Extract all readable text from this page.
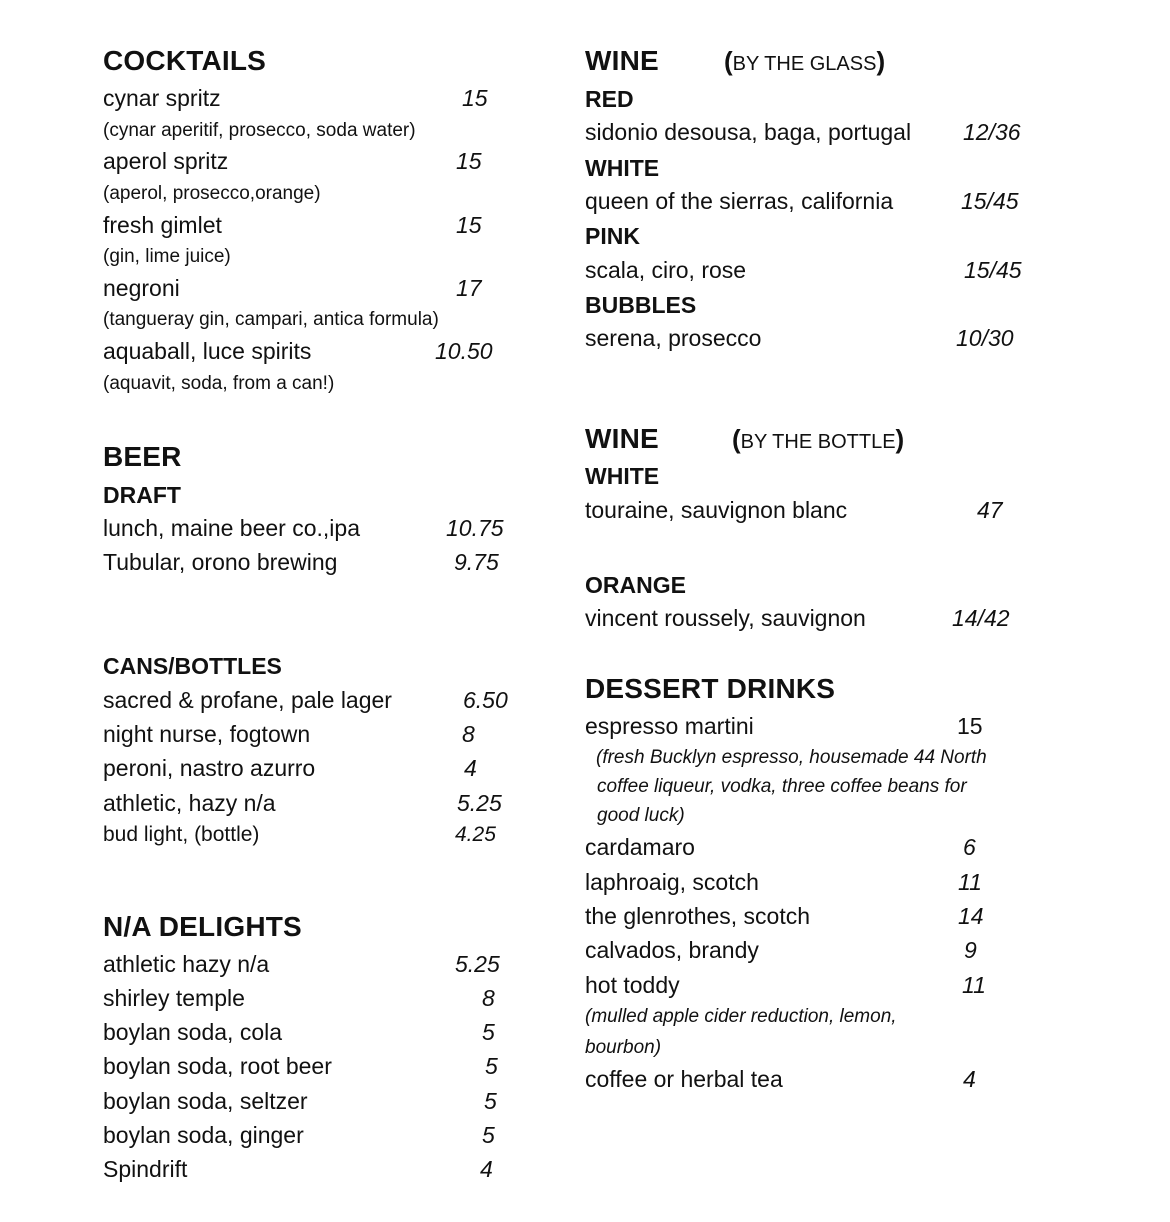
COCKTAILS
cynar spritz	15
(cynar aperitif, prosecco, soda water)
aperol spritz	15
(aperol, prosecco,orange)
fresh gimlet	15
(gin, lime juice)
negroni	17
(tangueray gin, campari, antica formula)
aquaball, luce spirits	10.50
(aquavit, soda, from a can!)
BEER
DRAFT
lunch, maine beer co.,ipa	10.75
Tubular, orono brewing	9.75
CANS/BOTTLES
sacred & profane, pale lager	6.50
night nurse, fogtown	8
peroni, nastro azurro	4
athletic, hazy n/a	5.25
bud light, (bottle)	4.25
N/A DELIGHTS
athletic hazy n/a	5.25
shirley temple	8
boylan soda, cola	5
boylan soda, root beer	5
boylan soda, seltzer	5
boylan soda, ginger	5
Spindrift	4
WINE	(BY THE GLASS)
RED
sidonio desousa, baga, portugal 12/36
WHITE
queen of the sierras, california	15/45
PINK
scala, ciro, rose	15/45
BUBBLES
serena, prosecco	10/30
WINE	(BY THE BOTTLE)
WHITE
touraine, sauvignon blanc	47
ORANGE
vincent roussely, sauvignon	14/42
DESSERT DRINKS
espresso martini	15
(fresh Bucklyn espresso, housemade 44 North
coffee liqueur, vodka, three coffee beans for
good luck)
cardamaro	6
laphroaig, scotch	11
the glenrothes, scotch	14
calvados, brandy	9
hot toddy	11
(mulled apple cider reduction, lemon,
bourbon)
coffee or herbal tea	4
